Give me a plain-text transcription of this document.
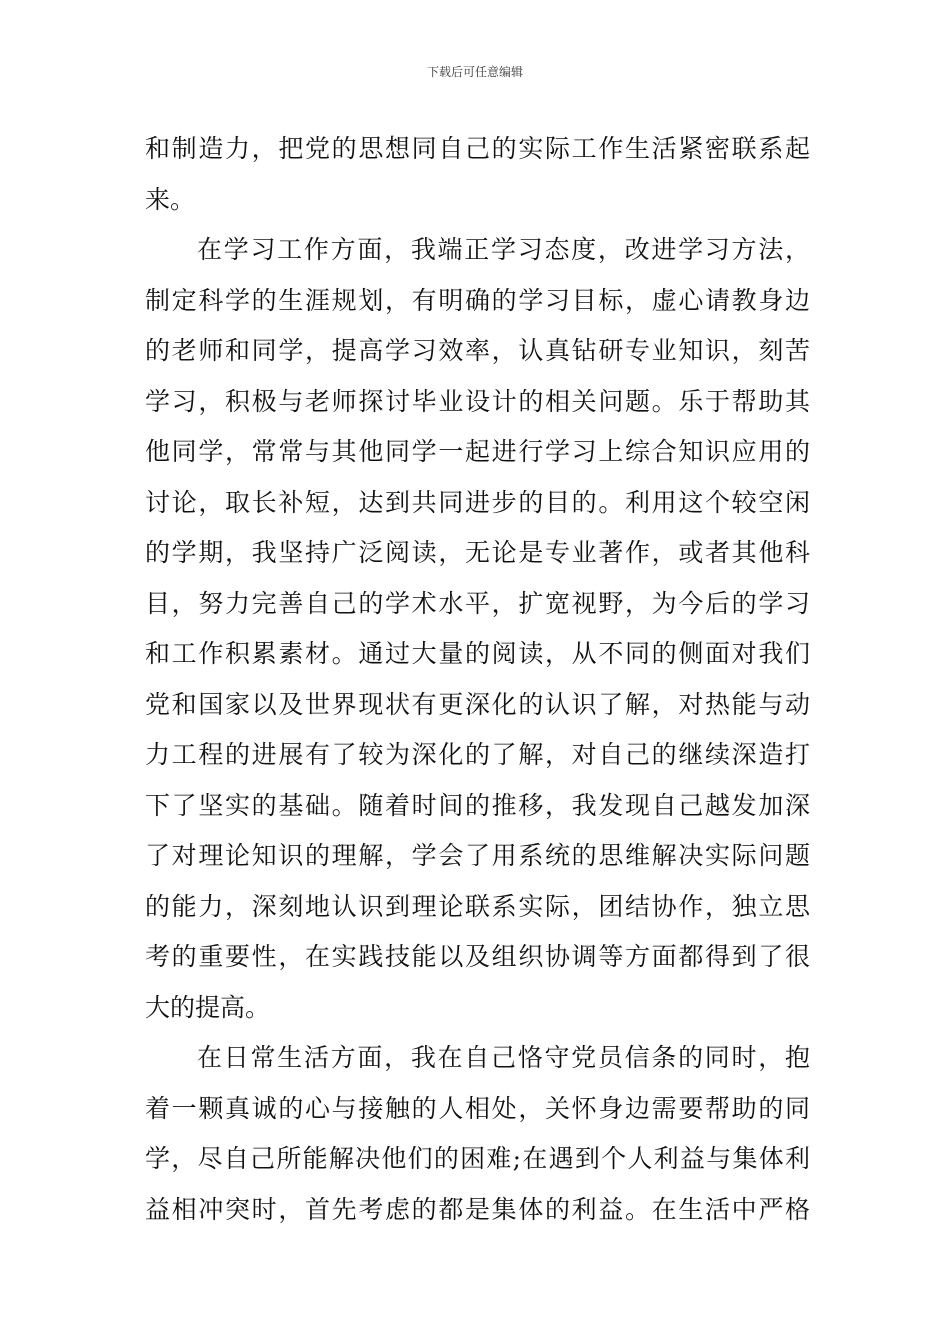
下载后可任意编辑
和制造力，把党的思想同自己的实际工作生活紧密联系起
来。
在学习工作方面，我端正学习态度，改进学习方法，
制定科学的生涯规划，有明确的学习目标，虚心请教身边
的老师和同学，提高学习效率，认真钻研专业知识，刻苦
学习，积极与老师探讨毕业设计的相关问题。乐于帮助其
他同学，常常与其他同学一起进行学习上综合知识应用的
讨论，取长补短，达到共同进步的目的。利用这个较空闲
的学期，我坚持广泛阅读，无论是专业著作，或者其他科
目，努力完善自己的学术水平，扩宽视野，为今后的学习
和工作积累素材。通过大量的阅读，从不同的侧面对我们
党和国家以及世界现状有更深化的认识了解，对热能与动
力工程的进展有了较为深化的了解，对自己的继续深造打
下了坚实的基础。随着时间的推移，我发现自己越发加深
了对理论知识的理解，学会了用系统的思维解决实际问题
的能力，深刻地认识到理论联系实际，团结协作，独立思
考的重要性，在实践技能以及组织协调等方面都得到了很
大的提高。
在日常生活方面，我在自己恪守党员信条的同时，抱
着一颗真诚的心与接触的人相处，关怀身边需要帮助的同
学，尽自己所能解决他们的困难;在遇到个人利益与集体利
益相冲突时，首先考虑的都是集体的利益。在生活中严格
